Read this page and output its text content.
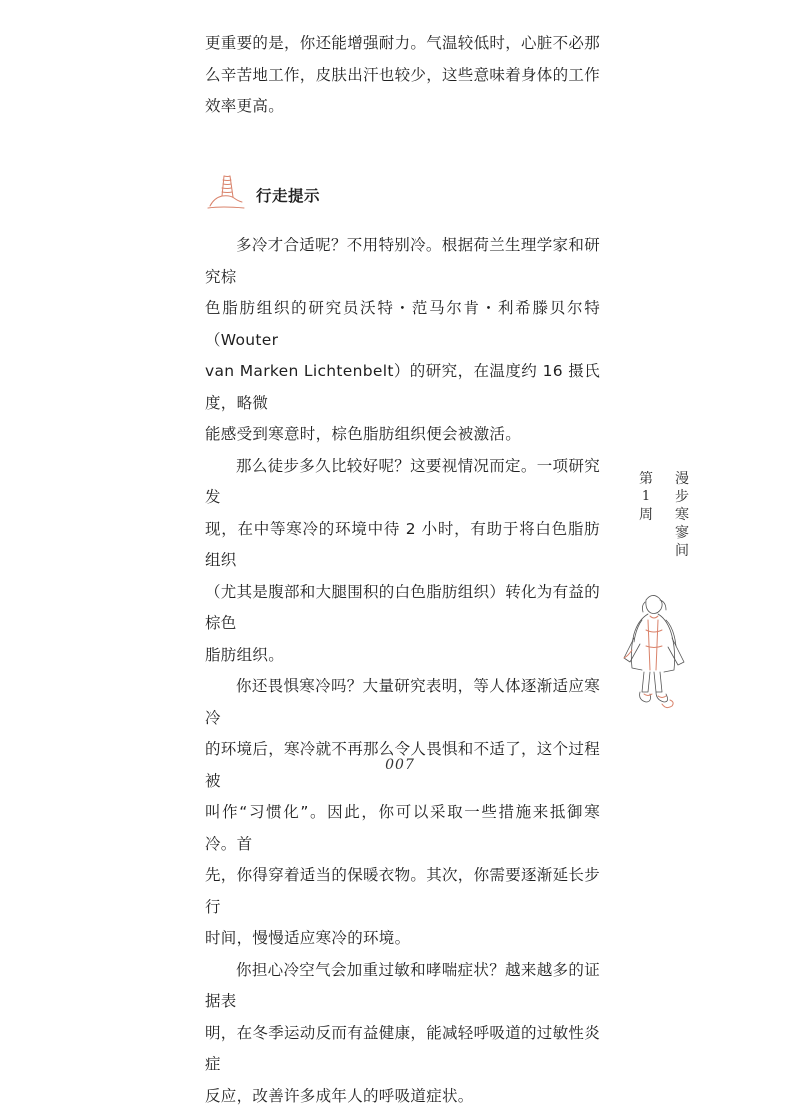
更重要的是，你还能增强耐力。气温较低时，心脏不必那

么辛苦地工作，皮肤出汗也较少，这些意味着身体的工作

效率更高。

行走提示

多冷才合适呢？不用特别冷。根据荷兰生理学家和研究棕

色脂肪组织的研究员沃特・范马尔肯・利希滕贝尔特（Wouter

van Marken Lichtenbelt）的研究，在温度约 16 摄氏度，略微

能感受到寒意时，棕色脂肪组织便会被激活。

那么徒步多久比较好呢？这要视情况而定。一项研究发

现，在中等寒冷的环境中待 2 小时，有助于将白色脂肪组织

（尤其是腹部和大腿围积的白色脂肪组织）转化为有益的棕色

脂肪组织。

你还畏惧寒冷吗？大量研究表明，等人体逐渐适应寒冷

的环境后，寒冷就不再那么令人畏惧和不适了，这个过程被

叫作“习惯化”。因此，你可以采取一些措施来抵御寒冷。首

先，你得穿着适当的保暖衣物。其次，你需要逐渐延长步行

时间，慢慢适应寒冷的环境。

你担心冷空气会加重过敏和哮喘症状？越来越多的证据表

明，在冬季运动反而有益健康，能减轻呼吸道的过敏性炎症

反应，改善许多成年人的呼吸道症状。

第
1
周
漫
步
寒
寥
间
007
